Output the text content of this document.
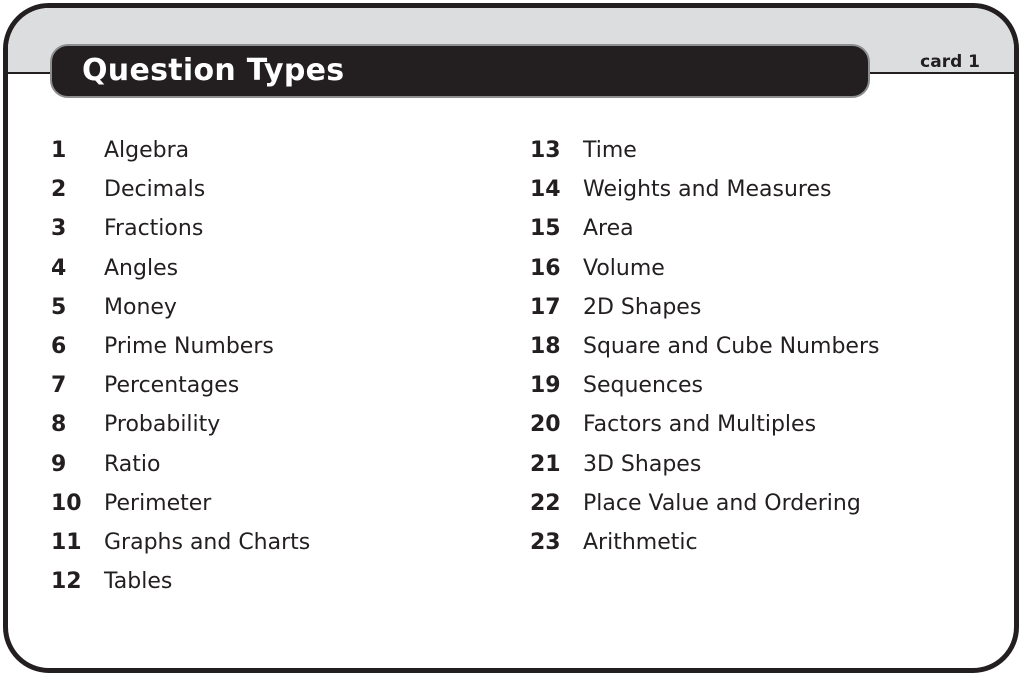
card 1
Question Types
1	Algebra
2	Decimals
3	Fractions
4	Angles
5	Money
6	Prime Numbers
7	Percentages
8	Probability
9	Ratio
10	Perimeter
11	Graphs and Charts
12	Tables
13	Time
14	Weights and Measures
15	Area
16	Volume
17	2D Shapes
18	Square and Cube Numbers
19	Sequences
20	Factors and Multiples
21	3D Shapes
22	Place Value and Ordering
23	Arithmetic
